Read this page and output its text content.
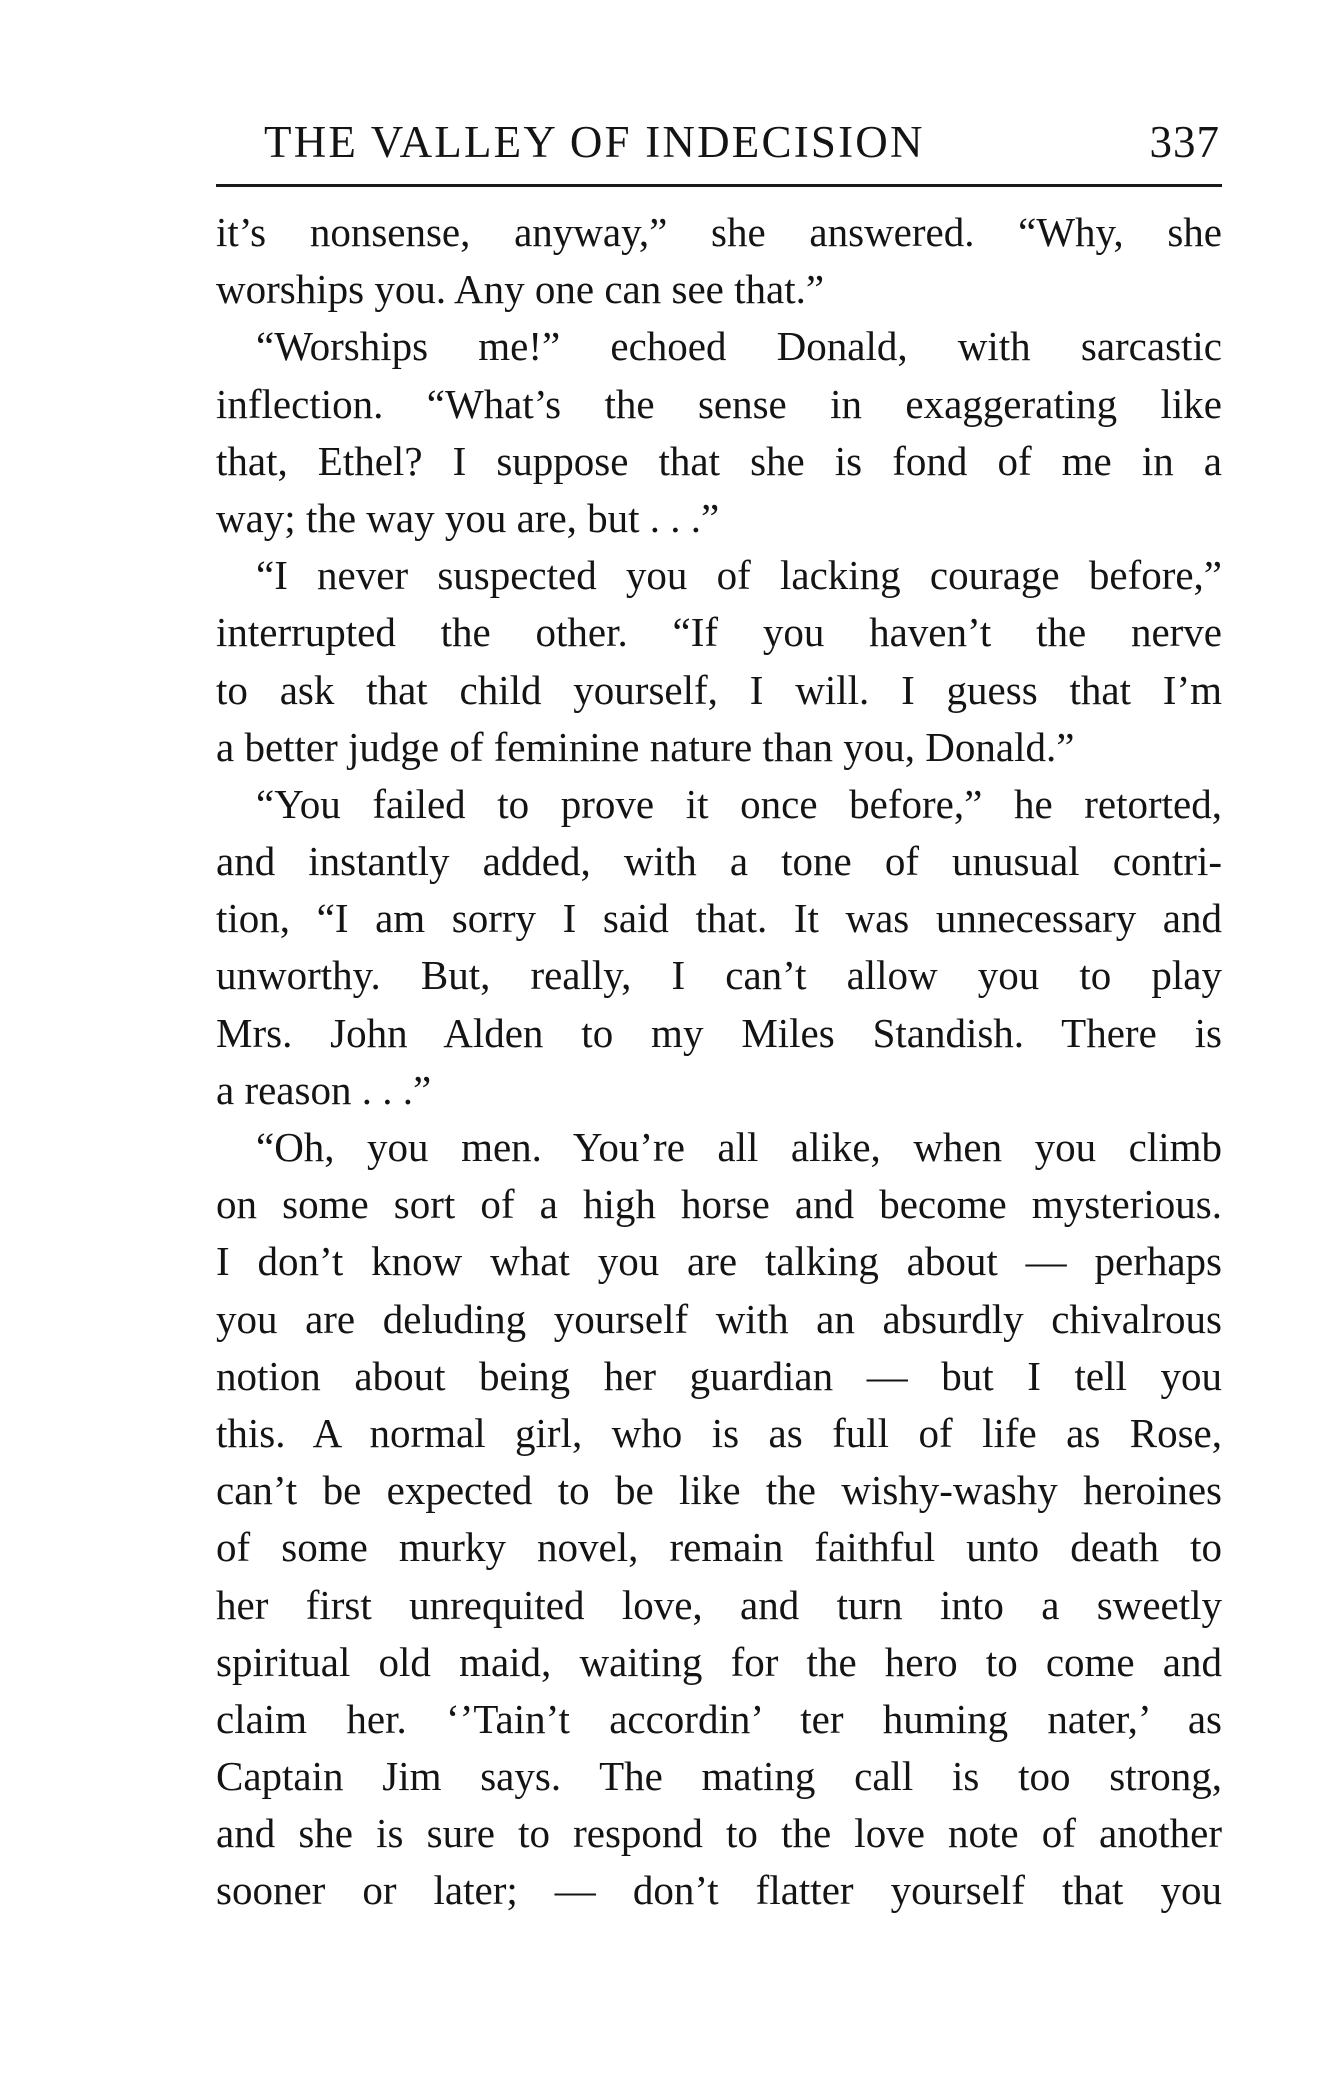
THE VALLEY OF INDECISION	337
it’s nonsense, anyway,” she answered. “Why, she
worships you. Any one can see that.”
“Worships me!” echoed Donald, with sarcastic
inflection. “What’s the sense in exaggerating like
that, Ethel? I suppose that she is fond of me in a
way; the way you are, but . . .”
“I never suspected you of lacking courage before,”
interrupted the other. “If you haven’t the nerve
to ask that child yourself, I will. I guess that I’m
a better judge of feminine nature than you, Donald.”
“You failed to prove it once before,” he retorted,
and instantly added, with a tone of unusual contri-
tion, “I am sorry I said that. It was unnecessary and
unworthy. But, really, I can’t allow you to play
Mrs. John Alden to my Miles Standish. There is
a reason . . .”
“Oh, you men. You’re all alike, when you climb
on some sort of a high horse and become mysterious.
I don’t know what you are talking about — perhaps
you are deluding yourself with an absurdly chivalrous
notion about being her guardian — but I tell you
this. A normal girl, who is as full of life as Rose,
can’t be expected to be like the wishy-washy heroines
of some murky novel, remain faithful unto death to
her first unrequited love, and turn into a sweetly
spiritual old maid, waiting for the hero to come and
claim her. ‘’Tain’t accordin’ ter huming nater,’ as
Captain Jim says. The mating call is too strong,
and she is sure to respond to the love note of another
sooner or later; — don’t flatter yourself that you
